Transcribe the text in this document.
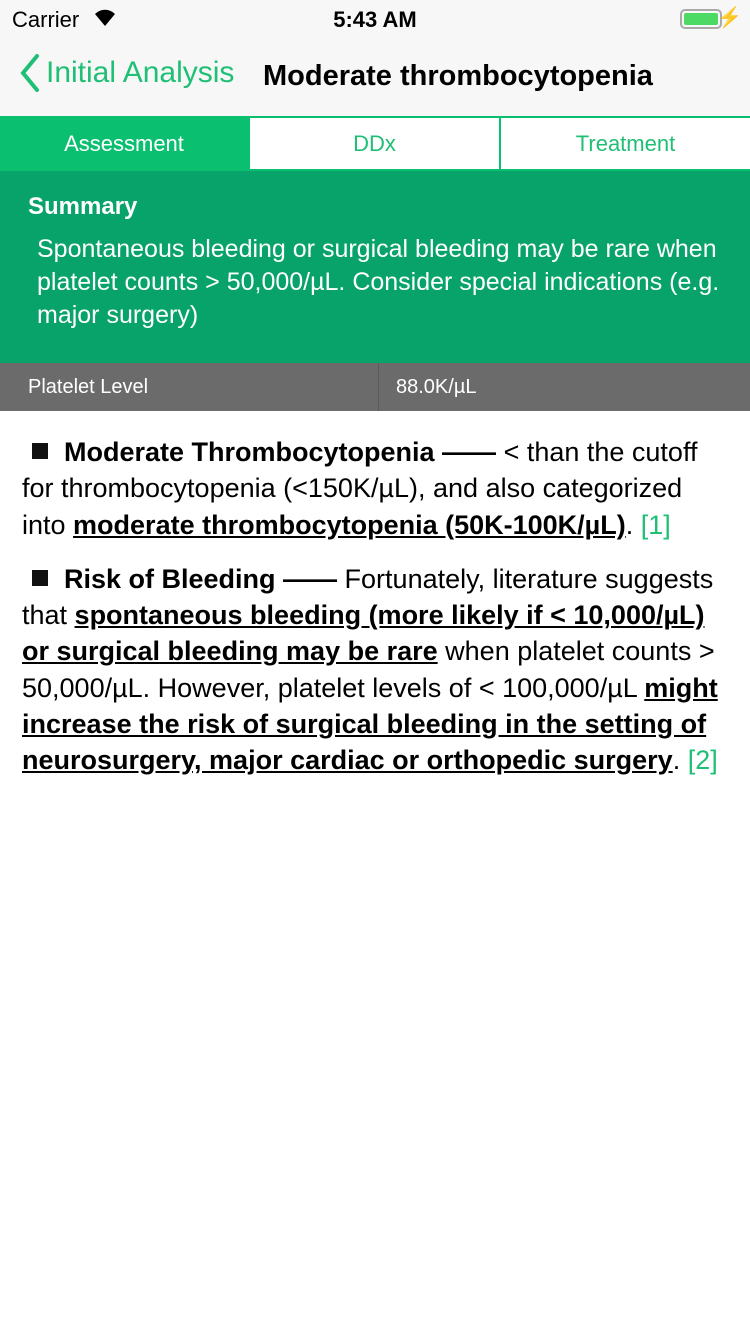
Carrier	5:43 AM	⚡
Initial Analysis Moderate thrombocytopenia
Assessment	DDx	Treatment
Summary

Spontaneous bleeding or surgical bleeding may be rare when platelet counts > 50,000/µL. Consider special indications (e.g. major surgery)

Platelet Level	88.0K/µL

Moderate Thrombocytopenia —— < than the cutoff for thrombocytopenia (<150K/µL), and also categorized into moderate thrombocytopenia (50K-100K/µL). [1]

Risk of Bleeding —— Fortunately, literature suggests that spontaneous bleeding (more likely if < 10,000/µL) or surgical bleeding may be rare when platelet counts > 50,000/µL. However, platelet levels of < 100,000/µL might increase the risk of surgical bleeding in the setting of neurosurgery, major cardiac or orthopedic surgery. [2]
